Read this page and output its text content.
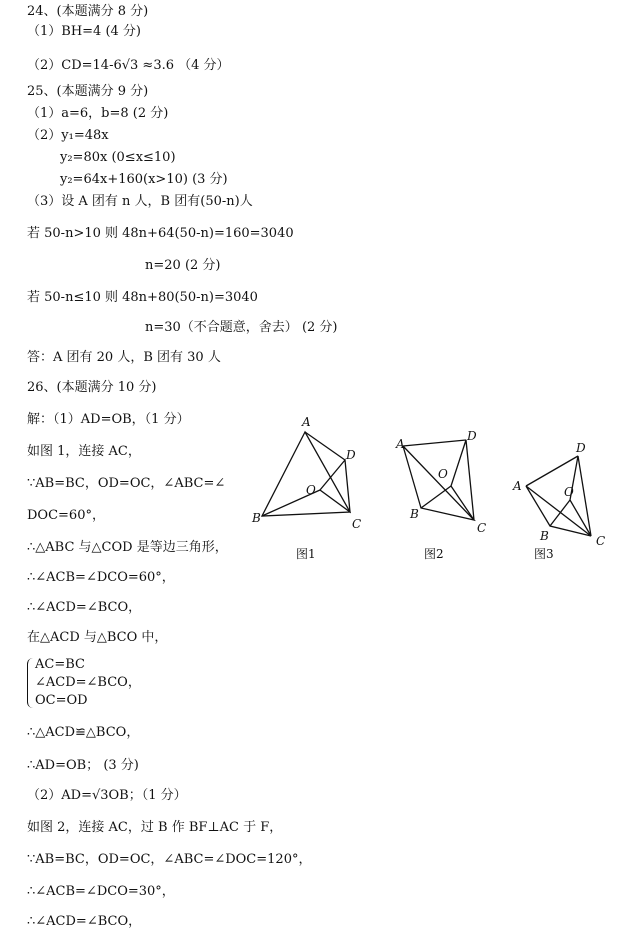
24、(本题满分 8 分)
（1）BH=4 (4 分)
（2）CD=14-6√3 ≈3.6 （4 分）
25、(本题满分 9 分)
（1）a=6，b=8 (2 分)
（2）y₁=48x
y₂=80x (0≤x≤10)
y₂=64x+160(x>10) (3 分)
（3）设 A 团有 n 人，B 团有(50-n)人
若 50-n>10 则 48n+64(50-n)=160=3040
n=20 (2 分)
若 50-n≤10 则 48n+80(50-n)=3040
n=30（不合题意，舍去） (2 分)
答：A 团有 20 人，B 团有 30 人
26、(本题满分 10 分)
解：（1）AD=OB，（1 分）
如图 1，连接 AC，
∵AB=BC，OD=OC，∠ABC=∠
DOC=60°，
∴△ABC 与△COD 是等边三角形，
∴∠ACB=∠DCO=60°，
∴∠ACD=∠BCO，
在△ACD 与△BCO 中，
AC=BC
∠ACD=∠BCO，
OC=OD
∴△ACD≌△BCO，
∴AD=OB； (3 分)
（2）AD=√3OB；（1 分）
如图 2，连接 AC，过 B 作 BF⊥AC 于 F，
∵AB=BC，OD=OC，∠ABC=∠DOC=120°，
∴∠ACB=∠DCO=30°，
∴∠ACD=∠BCO，
A
B	C
D
O
图1
A
B
C
D
O
图2
A
B	C
D
O
图3
